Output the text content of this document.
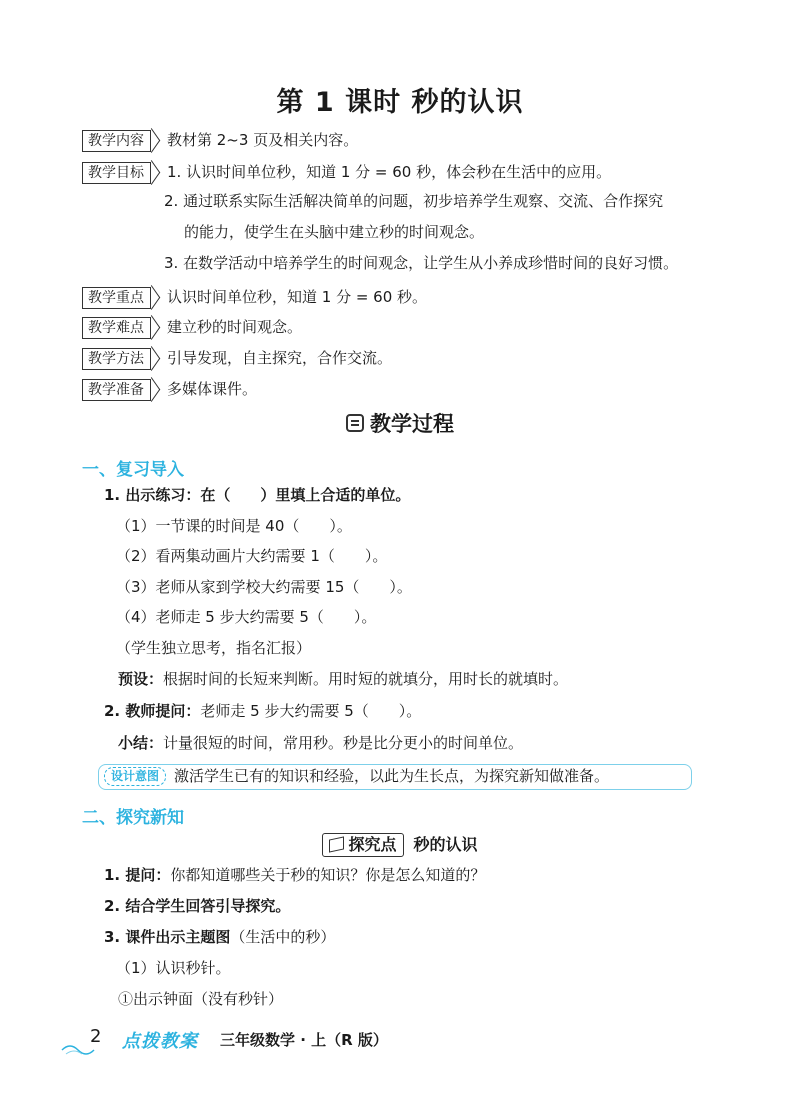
第 1 课时 秒的认识
教学内容 教材第 2~3 页及相关内容。
教学目标 1. 认识时间单位秒，知道 1 分 = 60 秒，体会秒在生活中的应用。
2. 通过联系实际生活解决简单的问题，初步培养学生观察、交流、合作探究
的能力，使学生在头脑中建立秒的时间观念。
3. 在数学活动中培养学生的时间观念，让学生从小养成珍惜时间的良好习惯。
教学重点 认识时间单位秒，知道 1 分 = 60 秒。
教学难点 建立秒的时间观念。
教学方法 引导发现，自主探究，合作交流。
教学准备 多媒体课件。
教学过程
一、复习导入
1. 出示练习：在（　　）里填上合适的单位。
（1）一节课的时间是 40（　　）。
（2）看两集动画片大约需要 1（　　）。
（3）老师从家到学校大约需要 15（　　）。
（4）老师走 5 步大约需要 5（　　）。
（学生独立思考，指名汇报）
预设：根据时间的长短来判断。用时短的就填分，用时长的就填时。
2. 教师提问：老师走 5 步大约需要 5（　　）。
小结：计量很短的时间，常用秒。秒是比分更小的时间单位。
设计意图 激活学生已有的知识和经验，以此为生长点，为探究新知做准备。
二、探究新知
探究点 秒的认识
1. 提问：你都知道哪些关于秒的知识？你是怎么知道的？
2. 结合学生回答引导探究。
3. 课件出示主题图（生活中的秒）
（1）认识秒针。
①出示钟面（没有秒针）
2 点拨教案 三年级数学 · 上（R 版）
